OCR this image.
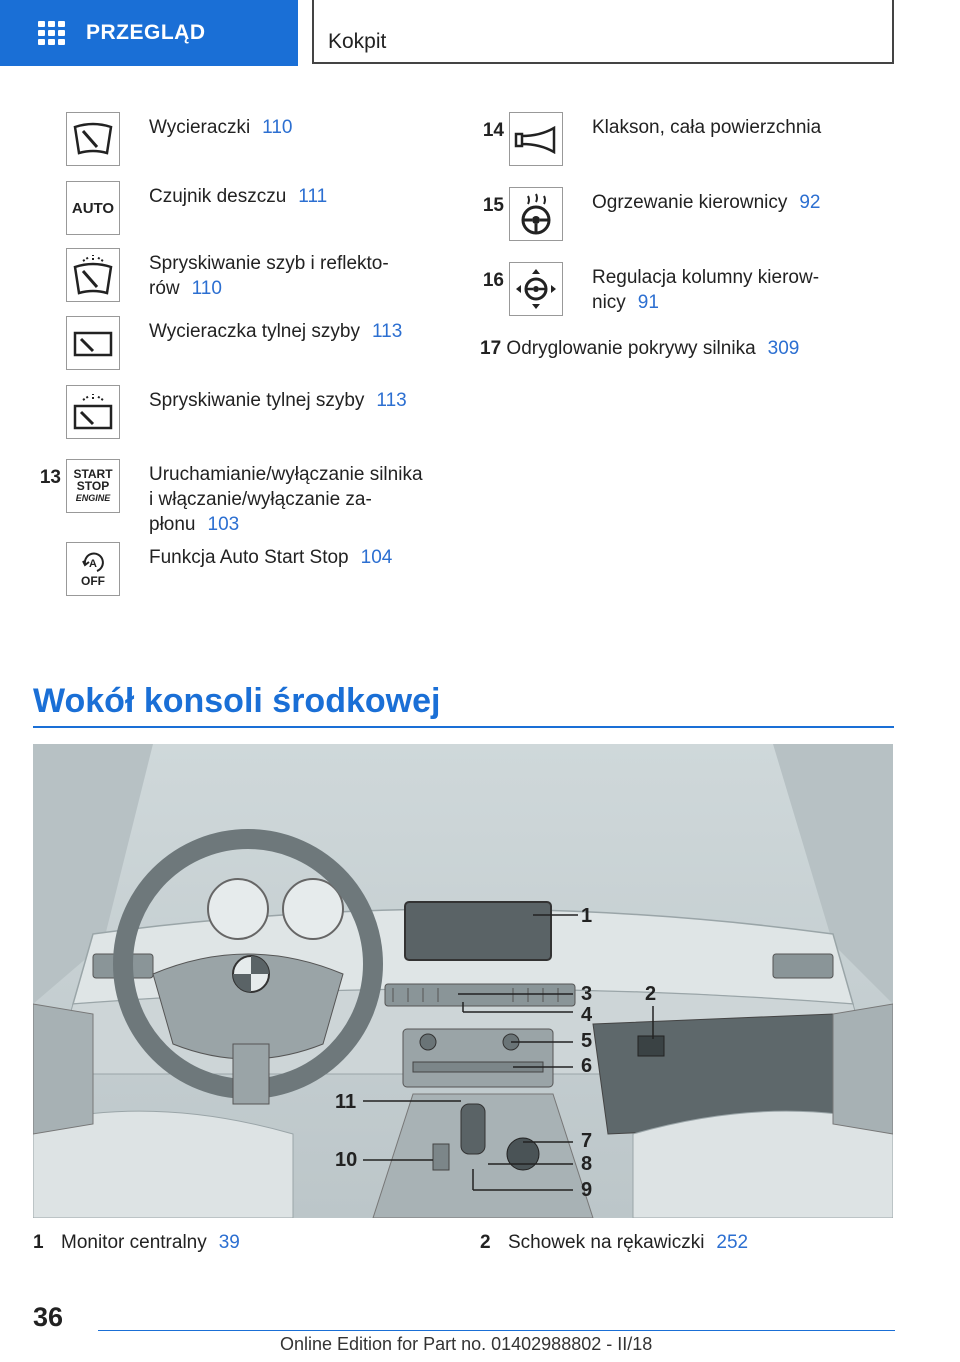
PRZEGLĄD	Kokpit
Wycieraczki 110
AUTO
Czujnik deszczu 111
Spryskiwanie szyb i reflekto-
rów 110
Wycieraczka tylnej szyby 113
Spryskiwanie tylnej szyby 113
13 START
STOP
ENGINE
Uruchamianie/wyłączanie silnika
i włączanie/wyłączanie za-
płonu 103
A
OFF
Funkcja Auto Start Stop 104
14	Klakson, cała powierzchnia
15	Ogrzewanie kierownicy 92
16	Regulacja kolumny kierow-
nicy 91
17 Odryglowanie pokrywy silnika 309
Wokół konsoli środkowej
1
2
3
4
5
6
7
8
9
10
11
1 Monitor centralny 39	2 Schowek na rękawiczki 252
36
Online Edition for Part no. 01402988802 - II/18
